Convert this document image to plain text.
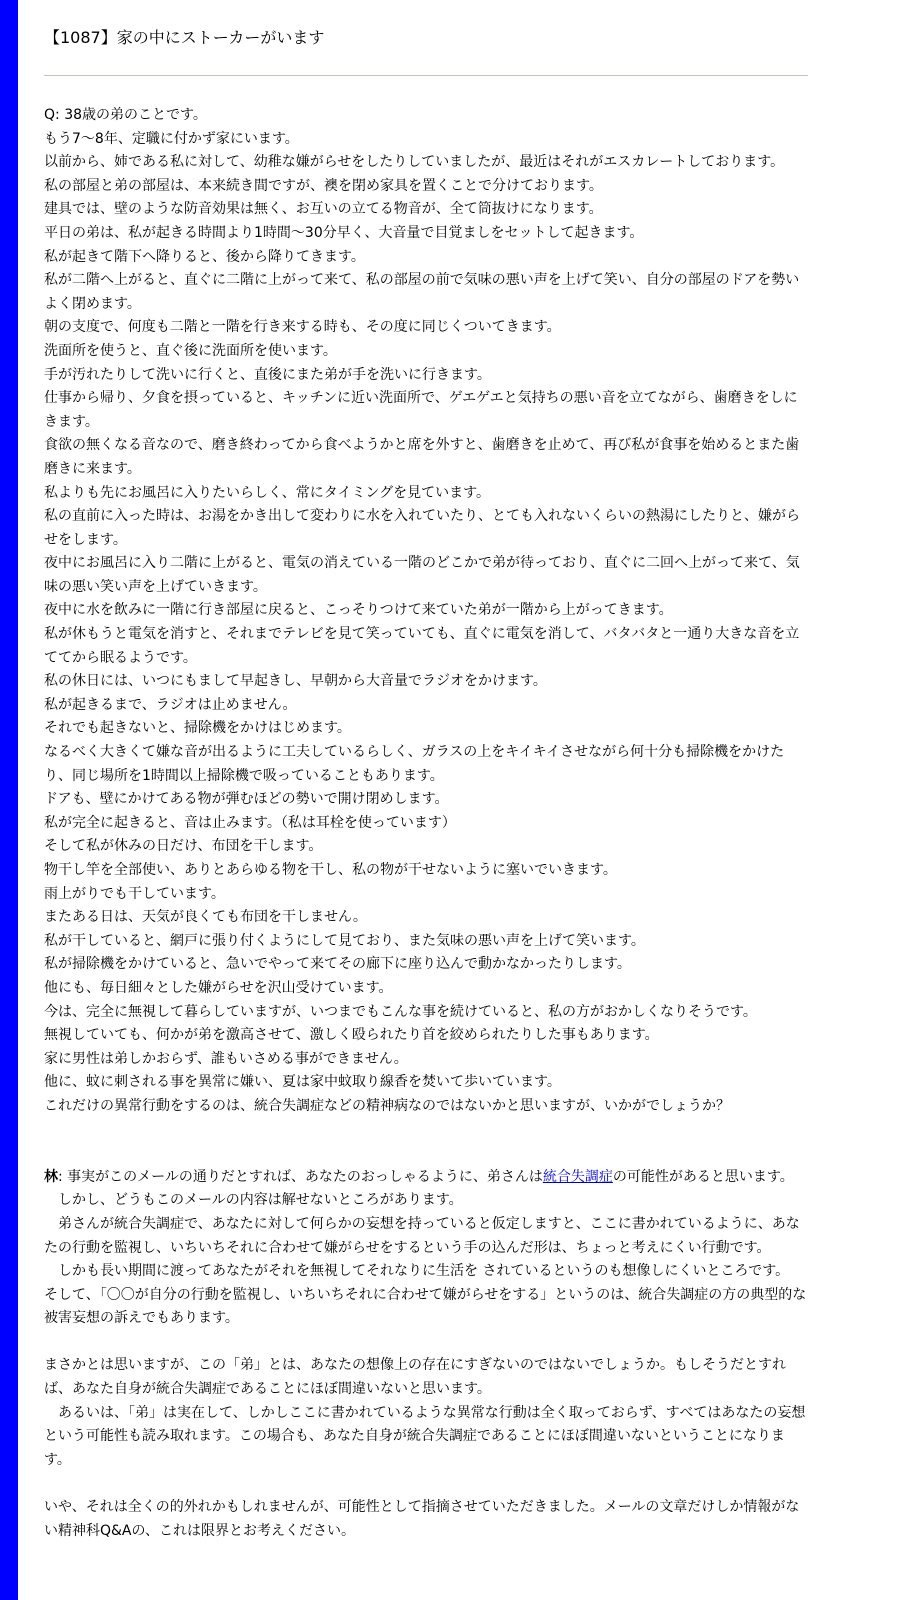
【1087】家の中にストーカーがいます
Q: 38歳の弟のことです。
もう7〜8年、定職に付かず家にいます。
以前から、姉である私に対して、幼稚な嫌がらせをしたりしていましたが、最近はそれがエスカレートしております。
私の部屋と弟の部屋は、本来続き間ですが、襖を閉め家具を置くことで分けております。
建具では、壁のような防音効果は無く、お互いの立てる物音が、全て筒抜けになります。
平日の弟は、私が起きる時間より1時間〜30分早く、大音量で目覚ましをセットして起きます。
私が起きて階下へ降りると、後から降りてきます。
私が二階へ上がると、直ぐに二階に上がって来て、私の部屋の前で気味の悪い声を上げて笑い、自分の部屋のドアを勢いよく閉めます。
朝の支度で、何度も二階と一階を行き来する時も、その度に同じくついてきます。
洗面所を使うと、直ぐ後に洗面所を使います。
手が汚れたりして洗いに行くと、直後にまた弟が手を洗いに行きます。
仕事から帰り、夕食を摂っていると、キッチンに近い洗面所で、ゲエゲエと気持ちの悪い音を立てながら、歯磨きをしにきます。
食欲の無くなる音なので、磨き終わってから食べようかと席を外すと、歯磨きを止めて、再び私が食事を始めるとまた歯磨きに来ます。
私よりも先にお風呂に入りたいらしく、常にタイミングを見ています。
私の直前に入った時は、お湯をかき出して変わりに水を入れていたり、とても入れないくらいの熱湯にしたりと、嫌がらせをします。
夜中にお風呂に入り二階に上がると、電気の消えている一階のどこかで弟が待っており、直ぐに二回へ上がって来て、気味の悪い笑い声を上げていきます。
夜中に水を飲みに一階に行き部屋に戻ると、こっそりつけて来ていた弟が一階から上がってきます。
私が休もうと電気を消すと、それまでテレビを見て笑っていても、直ぐに電気を消して、バタバタと一通り大きな音を立ててから眠るようです。
私の休日には、いつにもまして早起きし、早朝から大音量でラジオをかけます。
私が起きるまで、ラジオは止めません。
それでも起きないと、掃除機をかけはじめます。
なるべく大きくて嫌な音が出るように工夫しているらしく、ガラスの上をキイキイさせながら何十分も掃除機をかけたり、同じ場所を1時間以上掃除機で吸っていることもあります。
ドアも、壁にかけてある物が弾むほどの勢いで開け閉めします。
私が完全に起きると、音は止みます。（私は耳栓を使っています）
そして私が休みの日だけ、布団を干します。
物干し竿を全部使い、ありとあらゆる物を干し、私の物が干せないように塞いでいきます。
雨上がりでも干しています。
またある日は、天気が良くても布団を干しません。
私が干していると、網戸に張り付くようにして見ており、また気味の悪い声を上げて笑います。
私が掃除機をかけていると、急いでやって来てその廊下に座り込んで動かなかったりします。
他にも、毎日細々とした嫌がらせを沢山受けています。
今は、完全に無視して暮らしていますが、いつまでもこんな事を続けていると、私の方がおかしくなりそうです。
無視していても、何かが弟を激高させて、激しく殴られたり首を絞められたりした事もあります。
家に男性は弟しかおらず、誰もいさめる事ができません。
他に、蚊に刺される事を異常に嫌い、夏は家中蚊取り線香を焚いて歩いています。
これだけの異常行動をするのは、統合失調症などの精神病なのではないかと思いますが、いかがでしょうか？
林: 事実がこのメールの通りだとすれば、あなたのおっしゃるように、弟さんは統合失調症の可能性があると思います。
　しかし、どうもこのメールの内容は解せないところがあります。
　弟さんが統合失調症で、あなたに対して何らかの妄想を持っていると仮定しますと、ここに書かれているように、あなたの行動を監視し、いちいちそれに合わせて嫌がらせをするという手の込んだ形は、ちょっと考えにくい行動です。
　しかも長い期間に渡ってあなたがそれを無視してそれなりに生活を されているというのも想像しにくいところです。
そして、「〇〇が自分の行動を監視し、いちいちそれに合わせて嫌がらせをする」というのは、統合失調症の方の典型的な被害妄想の訴えでもあります。
まさかとは思いますが、この「弟」とは、あなたの想像上の存在にすぎないのではないでしょうか。もしそうだとすれば、あなた自身が統合失調症であることにほぼ間違いないと思います。
　あるいは、「弟」は実在して、しかしここに書かれているような異常な行動は全く取っておらず、すべてはあなたの妄想という可能性も読み取れます。この場合も、あなた自身が統合失調症であることにほぼ間違いないということになります。
いや、それは全くの的外れかもしれませんが、可能性として指摘させていただきました。メールの文章だけしか情報がない精神科Q&Aの、これは限界とお考えください。
